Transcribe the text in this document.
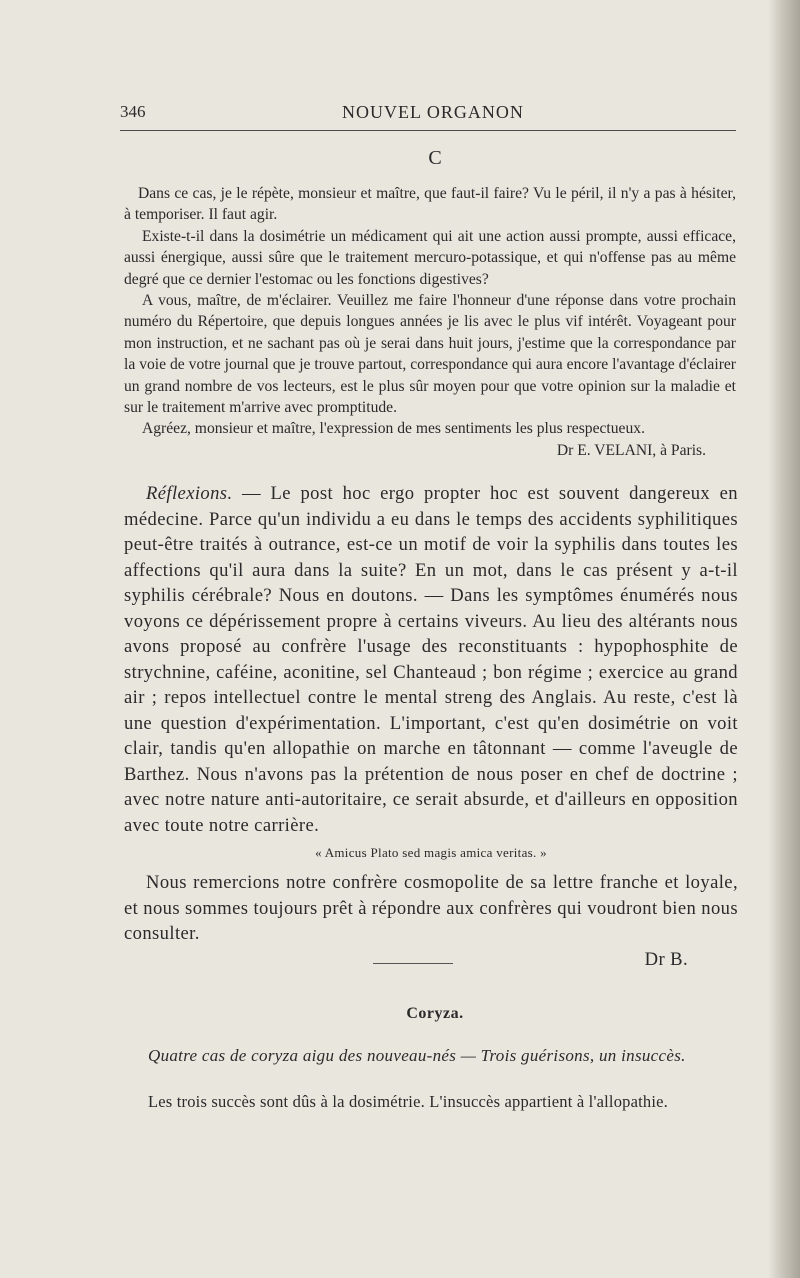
346	NOUVEL ORGANON
C

Dans ce cas, je le répète, monsieur et maître, que faut-il faire? Vu le péril, il n'y a pas à hésiter, à temporiser. Il faut agir.

Existe-t-il dans la dosimétrie un médicament qui ait une action aussi prompte, aussi efficace, aussi énergique, aussi sûre que le traitement mercuro-potassique, et qui n'offense pas au même degré que ce dernier l'estomac ou les fonctions digestives?

A vous, maître, de m'éclairer. Veuillez me faire l'honneur d'une réponse dans votre prochain numéro du Répertoire, que depuis longues années je lis avec le plus vif intérêt. Voyageant pour mon instruction, et ne sachant pas où je serai dans huit jours, j'estime que la correspondance par la voie de votre journal que je trouve partout, correspondance qui aura encore l'avantage d'éclairer un grand nombre de vos lecteurs, est le plus sûr moyen pour que votre opinion sur la maladie et sur le traitement m'arrive avec promptitude.

Agréez, monsieur et maître, l'expression de mes sentiments les plus respectueux.

Dr E. VELANI, à Paris.

Réflexions. — Le post hoc ergo propter hoc est souvent dangereux en médecine. Parce qu'un individu a eu dans le temps des accidents syphilitiques peut-être traités à outrance, est-ce un motif de voir la syphilis dans toutes les affections qu'il aura dans la suite? En un mot, dans le cas présent y a-t-il syphilis cérébrale? Nous en doutons. — Dans les symptômes énumérés nous voyons ce dépérissement propre à certains viveurs. Au lieu des altérants nous avons proposé au confrère l'usage des reconstituants : hypophosphite de strychnine, caféine, aconitine, sel Chanteaud ; bon régime ; exercice au grand air ; repos intellectuel contre le mental streng des Anglais. Au reste, c'est là une question d'expérimentation. L'important, c'est qu'en dosimétrie on voit clair, tandis qu'en allopathie on marche en tâtonnant — comme l'aveugle de Barthez. Nous n'avons pas la prétention de nous poser en chef de doctrine ; avec notre nature anti-autoritaire, ce serait absurde, et d'ailleurs en opposition avec toute notre carrière.

« Amicus Plato sed magis amica veritas. »

Nous remercions notre confrère cosmopolite de sa lettre franche et loyale, et nous sommes toujours prêt à répondre aux confrères qui voudront bien nous consulter.

Dr B.
Coryza.
Quatre cas de coryza aigu des nouveau-nés — Trois guérisons, un insuccès.
Les trois succès sont dûs à la dosimétrie. L'insuccès appartient à l'allopathie.
